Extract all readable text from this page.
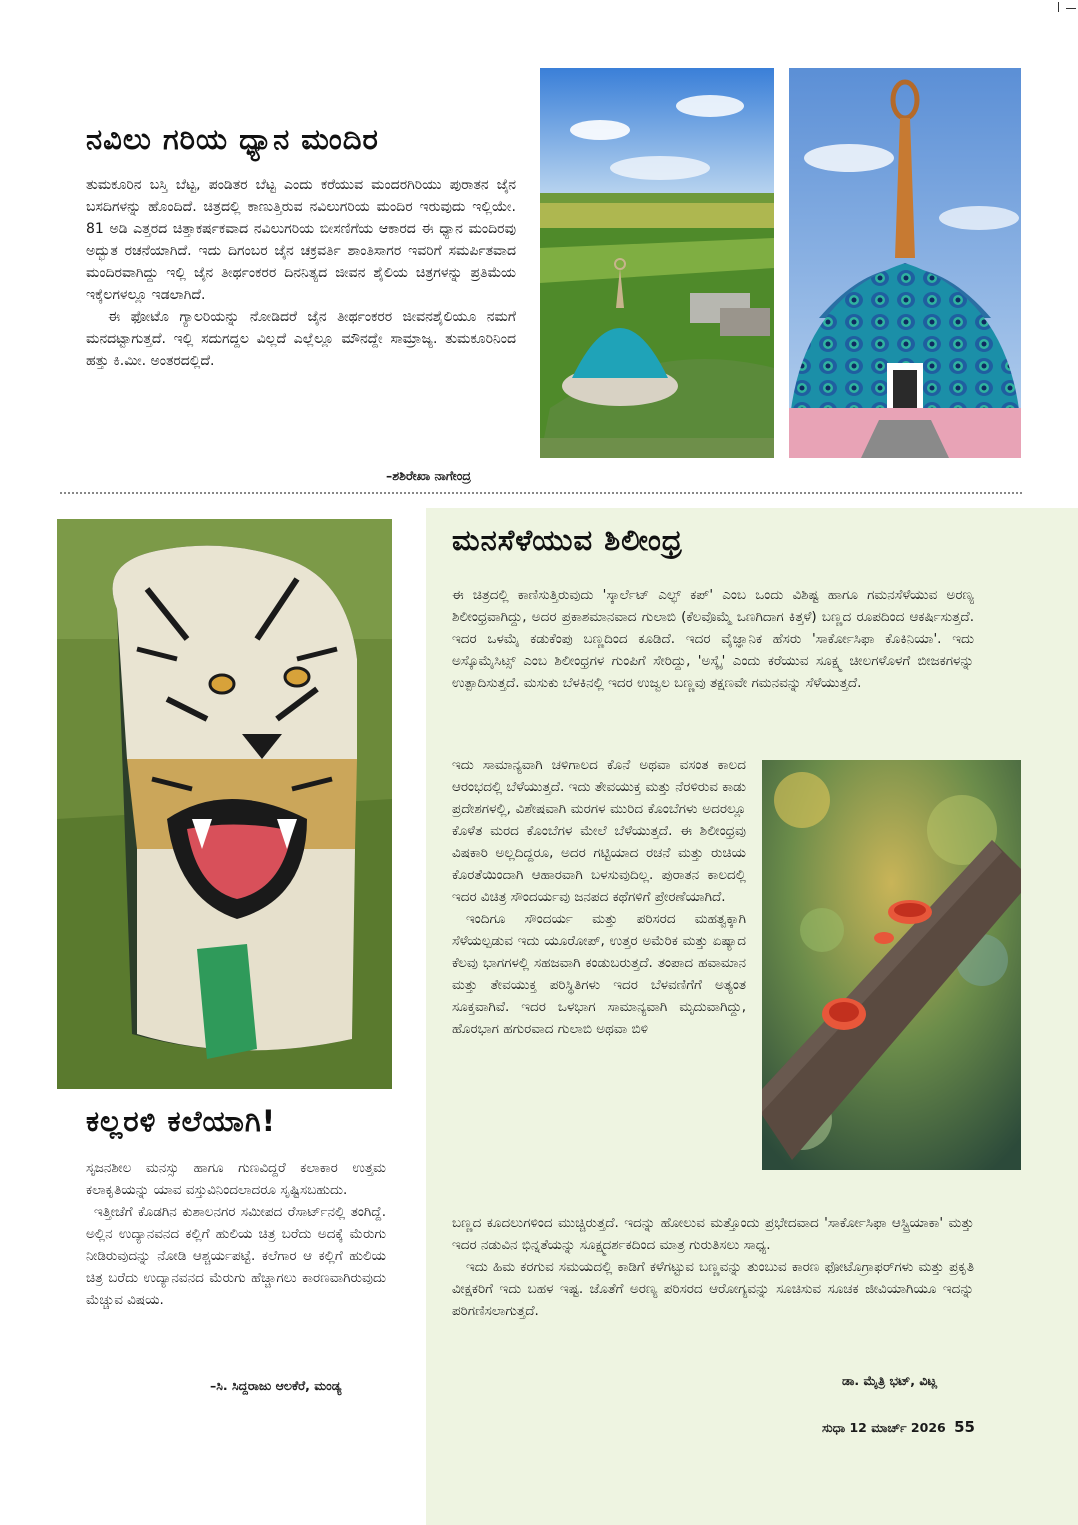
ನವಿಲು ಗರಿಯ ಧ್ಯಾನ ಮಂದಿರ

ತುಮಕೂರಿನ ಬಸ್ತಿ ಬೆಟ್ಟ, ಪಂಡಿತರ ಬೆಟ್ಟ ಎಂದು ಕರೆಯುವ ಮಂದರಗಿರಿಯು ಪುರಾತನ ಜೈನ ಬಸದಿಗಳನ್ನು ಹೊಂದಿದೆ. ಚಿತ್ರದಲ್ಲಿ ಕಾಣುತ್ತಿರುವ ನವಿಲುಗರಿಯ ಮಂದಿರ ಇರುವುದು ಇಲ್ಲಿಯೇ. 81 ಅಡಿ ಎತ್ತರದ ಚಿತ್ತಾಕರ್ಷಕವಾದ ನವಿಲುಗರಿಯ ಬೀಸಣಿಗೆಯ ಆಕಾರದ ಈ ಧ್ಯಾನ ಮಂದಿರವು ಅದ್ಭುತ ರಚನೆಯಾಗಿದೆ. ಇದು ದಿಗಂಬರ ಜೈನ ಚಕ್ರವರ್ತಿ ಶಾಂತಿಸಾಗರ ಇವರಿಗೆ ಸಮರ್ಪಿತವಾದ ಮಂದಿರವಾಗಿದ್ದು ಇಲ್ಲಿ ಜೈನ ತೀರ್ಥಂಕರರ ದಿನನಿತ್ಯದ ಜೀವನ ಶೈಲಿಯ ಚಿತ್ರಗಳನ್ನು ಪ್ರತಿಮೆಯ ಇಕ್ಕೆಲಗಳಲ್ಲೂ ಇಡಲಾಗಿದೆ.

ಈ ಫೋಟೊ ಗ್ಯಾಲರಿಯನ್ನು ನೋಡಿದರೆ ಜೈನ ತೀರ್ಥಂಕರರ ಜೀವನಶೈಲಿಯೂ ನಮಗೆ ಮನದಟ್ಟಾಗುತ್ತದೆ. ಇಲ್ಲಿ ಸದುಗದ್ದಲ ವಿಲ್ಲದೆ ಎಲ್ಲೆಲ್ಲೂ ಮೌನದ್ದೇ ಸಾಮ್ರಾಜ್ಯ. ತುಮಕೂರಿನಿಂದ ಹತ್ತು ಕಿ.ಮೀ. ಅಂತರದಲ್ಲಿದೆ.

–ಶಶಿರೇಖಾ ನಾಗೇಂದ್ರ
ಮನಸೆಳೆಯುವ ಶಿಲೀಂಧ್ರ

ಈ ಚಿತ್ರದಲ್ಲಿ ಕಾಣಿಸುತ್ತಿರುವುದು 'ಸ್ಕಾರ್ಲೆಟ್ ಎಲ್ಫ್ ಕಪ್' ಎಂಬ ಒಂದು ವಿಶಿಷ್ಟ ಹಾಗೂ ಗಮನಸೆಳೆಯುವ ಅರಣ್ಯ ಶಿಲೀಂಧ್ರವಾಗಿದ್ದು, ಅದರ ಪ್ರಕಾಶಮಾನವಾದ ಗುಲಾಬಿ (ಕೆಲವೊಮ್ಮೆ ಒಣಗಿದಾಗ ಕಿತ್ತಳೆ) ಬಣ್ಣದ ರೂಪದಿಂದ ಆಕರ್ಷಿಸುತ್ತದೆ. ಇದರ ಒಳಮೈ ಕಡುಕೆಂಪು ಬಣ್ಣದಿಂದ ಕೂಡಿದೆ. ಇದರ ವೈಜ್ಞಾನಿಕ ಹೆಸರು 'ಸಾರ್ಕೋಸಿಫಾ ಕೊಕಿನಿಯಾ'. ಇದು ಅಸ್ಕೊಮೈಸಿಟ್ಸ್ ಎಂಬ ಶಿಲೀಂಧ್ರಗಳ ಗುಂಪಿಗೆ ಸೇರಿದ್ದು, 'ಅಸ್ಕೈ' ಎಂದು ಕರೆಯುವ ಸೂಕ್ಷ್ಮ ಚೀಲಗಳೊಳಗೆ ಬೀಜಕಗಳನ್ನು ಉತ್ಪಾದಿಸುತ್ತದೆ. ಮಸುಕು ಬೆಳಕಿನಲ್ಲಿ ಇದರ ಉಜ್ವಲ ಬಣ್ಣವು ತಕ್ಷಣವೇ ಗಮನವನ್ನು ಸೆಳೆಯುತ್ತದೆ.

ಇದು ಸಾಮಾನ್ಯವಾಗಿ ಚಳಿಗಾಲದ ಕೊನೆ ಅಥವಾ ವಸಂತ ಕಾಲದ ಆರಂಭದಲ್ಲಿ ಬೆಳೆಯುತ್ತದೆ. ಇದು ತೇವಯುಕ್ತ ಮತ್ತು ನೆರಳಿರುವ ಕಾಡು ಪ್ರದೇಶಗಳಲ್ಲಿ, ವಿಶೇಷವಾಗಿ ಮರಗಳ ಮುರಿದ ಕೊಂಬೆಗಳು ಅದರಲ್ಲೂ ಕೊಳೆತ ಮರದ ಕೊಂಬೆಗಳ ಮೇಲೆ ಬೆಳೆಯುತ್ತದೆ. ಈ ಶಿಲೀಂಧ್ರವು ವಿಷಕಾರಿ ಅಲ್ಲದಿದ್ದರೂ, ಅದರ ಗಟ್ಟಿಯಾದ ರಚನೆ ಮತ್ತು ರುಚಿಯ ಕೊರತೆಯಿಂದಾಗಿ ಆಹಾರವಾಗಿ ಬಳಸುವುದಿಲ್ಲ. ಪುರಾತನ ಕಾಲದಲ್ಲಿ ಇದರ ವಿಚಿತ್ರ ಸೌಂದರ್ಯವು ಜನಪದ ಕಥೆಗಳಿಗೆ ಪ್ರೇರಣೆಯಾಗಿದೆ.

ಇಂದಿಗೂ ಸೌಂದರ್ಯ ಮತ್ತು ಪರಿಸರದ ಮಹತ್ವಕ್ಕಾಗಿ ಸೆಳೆಯಲ್ಪಡುವ ಇದು ಯೂರೋಪ್, ಉತ್ತರ ಅಮೆರಿಕ ಮತ್ತು ಏಷ್ಯಾದ ಕೆಲವು ಭಾಗಗಳಲ್ಲಿ ಸಹಜವಾಗಿ ಕಂಡುಬರುತ್ತದೆ. ತಂಪಾದ ಹವಾಮಾನ ಮತ್ತು ತೇವಯುಕ್ತ ಪರಿಸ್ಥಿತಿಗಳು ಇದರ ಬೆಳವಣಿಗೆಗೆ ಅತ್ಯಂತ ಸೂಕ್ತವಾಗಿವೆ. ಇದರ ಒಳಭಾಗ ಸಾಮಾನ್ಯವಾಗಿ ಮೃದುವಾಗಿದ್ದು, ಹೊರಭಾಗ ಹಗುರವಾದ ಗುಲಾಬಿ ಅಥವಾ ಬಿಳಿ

ಬಣ್ಣದ ಕೂದಲುಗಳಿಂದ ಮುಚ್ಚಿರುತ್ತದೆ. ಇದನ್ನು ಹೋಲುವ ಮತ್ತೊಂದು ಪ್ರಭೇದವಾದ 'ಸಾರ್ಕೋಸಿಫಾ ಆಸ್ಟ್ರಿಯಾಕಾ' ಮತ್ತು ಇದರ ನಡುವಿನ ಭಿನ್ನತೆಯನ್ನು ಸೂಕ್ಷ್ಮದರ್ಶಕದಿಂದ ಮಾತ್ರ ಗುರುತಿಸಲು ಸಾಧ್ಯ.

ಇದು ಹಿಮ ಕರಗುವ ಸಮಯದಲ್ಲಿ ಕಾಡಿಗೆ ಕಳೆಗಟ್ಟುವ ಬಣ್ಣವನ್ನು ತುಂಬುವ ಕಾರಣ ಫೋಟೊಗ್ರಾಫರ್‌ಗಳು ಮತ್ತು ಪ್ರಕೃತಿ ವೀಕ್ಷಕರಿಗೆ ಇದು ಬಹಳ ಇಷ್ಟ. ಜೊತೆಗೆ ಅರಣ್ಯ ಪರಿಸರದ ಆರೋಗ್ಯವನ್ನು ಸೂಚಿಸುವ ಸೂಚಕ ಜೀವಿಯಾಗಿಯೂ ಇದನ್ನು ಪರಿಗಣಿಸಲಾಗುತ್ತದೆ.

ಡಾ. ಮೈತ್ರಿ ಭಟ್, ವಿಟ್ಲ
ಕಲ್ಲರಳಿ ಕಲೆಯಾಗಿ!

ಸೃಜನಶೀಲ ಮನಸ್ಸು ಹಾಗೂ ಗುಣವಿದ್ದರೆ ಕಲಾಕಾರ ಉತ್ತಮ ಕಲಾಕೃತಿಯನ್ನು ಯಾವ ವಸ್ತುವಿನಿಂದಲಾದರೂ ಸೃಷ್ಟಿಸಬಹುದು.

ಇತ್ತೀಚೆಗೆ ಕೊಡಗಿನ ಕುಶಾಲನಗರ ಸಮೀಪದ ರೆಸಾರ್ಟ್‌ನಲ್ಲಿ ತಂಗಿದ್ದೆ. ಅಲ್ಲಿನ ಉದ್ಯಾನವನದ ಕಲ್ಲಿಗೆ ಹುಲಿಯ ಚಿತ್ರ ಬರೆದು ಅದಕ್ಕೆ ಮೆರುಗು ನೀಡಿರುವುದನ್ನು ನೋಡಿ ಆಶ್ಚರ್ಯಪಟ್ಟೆ. ಕಲೆಗಾರ ಆ ಕಲ್ಲಿಗೆ ಹುಲಿಯ ಚಿತ್ರ ಬರೆದು ಉದ್ಯಾನವನದ ಮೆರುಗು ಹೆಚ್ಚಾಗಲು ಕಾರಣವಾಗಿರುವುದು ಮೆಚ್ಚುವ ವಿಷಯ.

–ಸಿ. ಸಿದ್ದರಾಜು ಆಲಕೆರೆ, ಮಂಡ್ಯ
ಸುಧಾ 12 ಮಾರ್ಚ್ 2026 55
